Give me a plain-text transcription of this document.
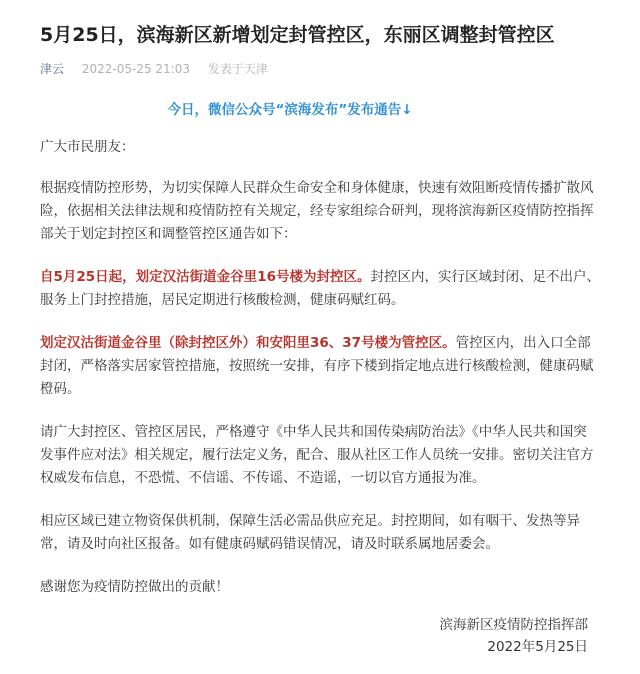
5月25日，滨海新区新增划定封管控区，东丽区调整封管控区
津云 2022-05-25 21:03 发表于天津
今日，微信公众号“滨海发布”发布通告↓

广大市民朋友：

根据疫情防控形势，为切实保障人民群众生命安全和身体健康，快速有效阻断疫情传播扩散风险，依据相关法律法规和疫情防控有关规定，经专家组综合研判，现将滨海新区疫情防控指挥部关于划定封控区和调整管控区通告如下：

自5月25日起，划定汉沽街道金谷里16号楼为封控区。封控区内，实行区域封闭、足不出户、服务上门封控措施，居民定期进行核酸检测，健康码赋红码。

划定汉沽街道金谷里（除封控区外）和安阳里36、37号楼为管控区。管控区内，出入口全部封闭，严格落实居家管控措施，按照统一安排，有序下楼到指定地点进行核酸检测，健康码赋橙码。

请广大封控区、管控区居民，严格遵守《中华人民共和国传染病防治法》《中华人民共和国突发事件应对法》相关规定，履行法定义务，配合、服从社区工作人员统一安排。密切关注官方权威发布信息，不恐慌、不信谣、不传谣、不造谣，一切以官方通报为准。

相应区域已建立物资保供机制，保障生活必需品供应充足。封控期间，如有咽干、发热等异常，请及时向社区报备。如有健康码赋码错误情况，请及时联系属地居委会。

感谢您为疫情防控做出的贡献！

滨海新区疫情防控指挥部
2022年5月25日
